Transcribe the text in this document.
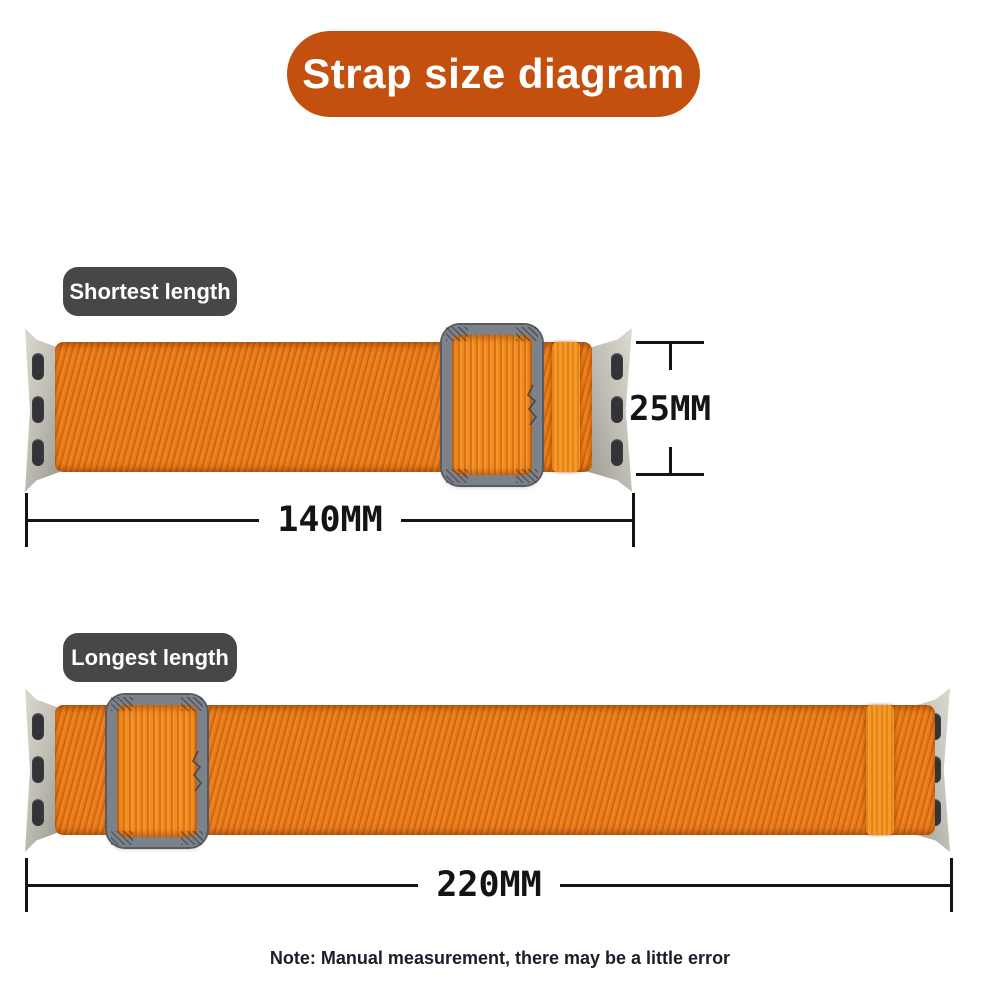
Strap size diagram
Shortest length
25MM
140MM
Longest length
220MM
Note: Manual measurement, there may be a little error
